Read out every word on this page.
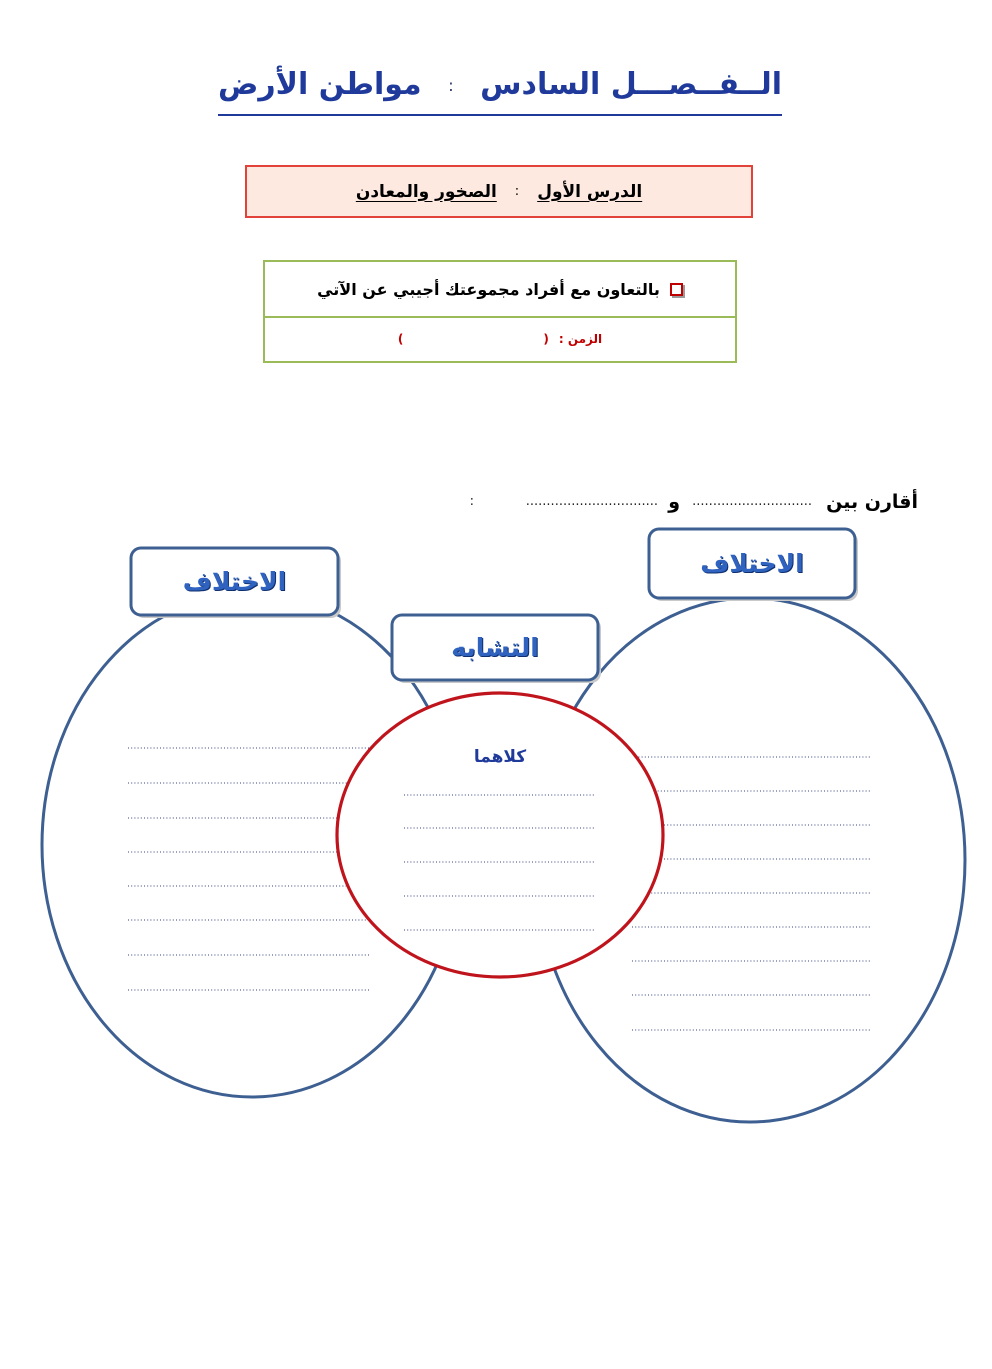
الــفــصـــل السادس
:
مواطن الأرض
الدرس الأول
:
الصخور والمعادن
بالتعاون مع أفراد مجموعتك أجيبي عن الآتي
الزمن :
(
)
أقارن بين
.............................
و
................................
:
الاختلاف
التشابه
الاختلاف
كلاهما
